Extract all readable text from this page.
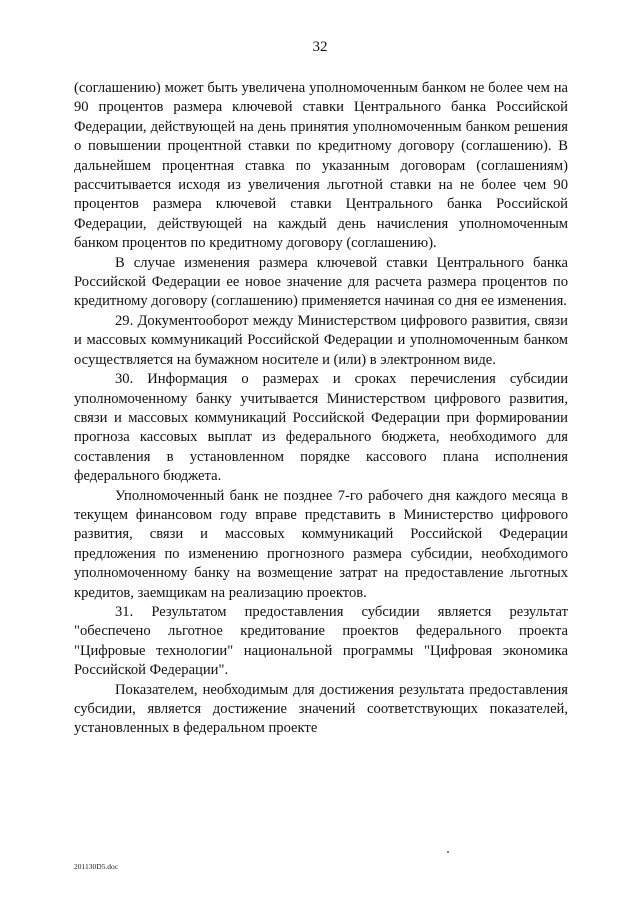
32

(соглашению) может быть увеличена уполномоченным банком не более чем на 90 процентов размера ключевой ставки Центрального банка Российской Федерации, действующей на день принятия уполномоченным банком решения о повышении процентной ставки по кредитному договору (соглашению). В дальнейшем процентная ставка по указанным договорам (соглашениям) рассчитывается исходя из увеличения льготной ставки на не более чем 90 процентов размера ключевой ставки Центрального банка Российской Федерации, действующей на каждый день начисления уполномоченным банком процентов по кредитному договору (соглашению).

В случае изменения размера ключевой ставки Центрального банка Российской Федерации ее новое значение для расчета размера процентов по кредитному договору (соглашению) применяется начиная со дня ее изменения.

29. Документооборот между Министерством цифрового развития, связи и массовых коммуникаций Российской Федерации и уполномоченным банком осуществляется на бумажном носителе и (или) в электронном виде.

30. Информация о размерах и сроках перечисления субсидии уполномоченному банку учитывается Министерством цифрового развития, связи и массовых коммуникаций Российской Федерации при формировании прогноза кассовых выплат из федерального бюджета, необходимого для составления в установленном порядке кассового плана исполнения федерального бюджета.

Уполномоченный банк не позднее 7-го рабочего дня каждого месяца в текущем финансовом году вправе представить в Министерство цифрового развития, связи и массовых коммуникаций Российской Федерации предложения по изменению прогнозного размера субсидии, необходимого уполномоченному банку на возмещение затрат на предоставление льготных кредитов, заемщикам на реализацию проектов.

31. Результатом предоставления субсидии является результат "обеспечено льготное кредитование проектов федерального проекта "Цифровые технологии" национальной программы "Цифровая экономика Российской Федерации".

Показателем, необходимым для достижения результата предоставления субсидии, является достижение значений соответствующих показателей, установленных в федеральном проекте

201130D5.doc
